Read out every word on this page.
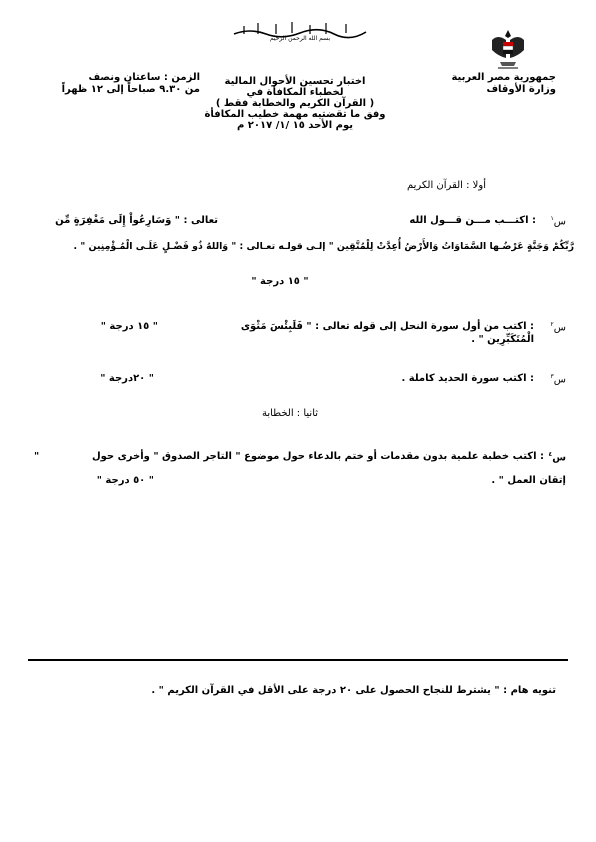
بسم الله الرحمن الرحيم
جمهورية مصر العربية
وزارة الأوقاف
اختبار تحسين الأحوال المالية
لخطباء المكافأة في
( القرآن الكريم والخطابة فقط )
وفق ما تقضتيه مهمة خطيب المكافأة
يوم الأحد ١٥ /١/ ٢٠١٧ م
الزمن : ساعتان ونصف
من ٩.٣٠ صباحاً إلى ١٢ ظهراً
أولا : القرآن الكريم
س$^١$
: اكتـــب مـــن قـــول الله
تعالى : " وَسَارِعُواْ إِلَى مَغْفِرَةٍ مِّن
رَّبِّكُمْ وَجَنَّةٍ عَرْضُـها السَّمَاوَاتُ وَالأَرْضُ أُعِدَّتْ لِلْمُتَّقِين " إلـى قولـه تعـالى : " وَاللهُ ذُو فَضْـلٍ عَلَـى الْمُـؤْمِنِين " .
" ١٥ درجة "
س$^٢$
: اكتب من أول سورة النحل إلى قوله تعالى : " فَلَبِئْسَ مَثْوَى الْمُتَكَبِّرِين " .
" ١٥ درجة "
س$^٣$
: اكتب سورة الحديد كاملة .
" ٢٠درجة "
ثانيا : الخطابة
س$^٤$
: اكتب خطبة علمية بدون مقدمات أو ختم بالدعاء حول موضوع " التاجر الصدوق " وأخرى حول
"
إتقان العمل " .
" ٥٠ درجة "
تنويه هام : " يشترط للنجاح الحصول على ٢٠ درجة على الأقل في القرآن الكريم " .
